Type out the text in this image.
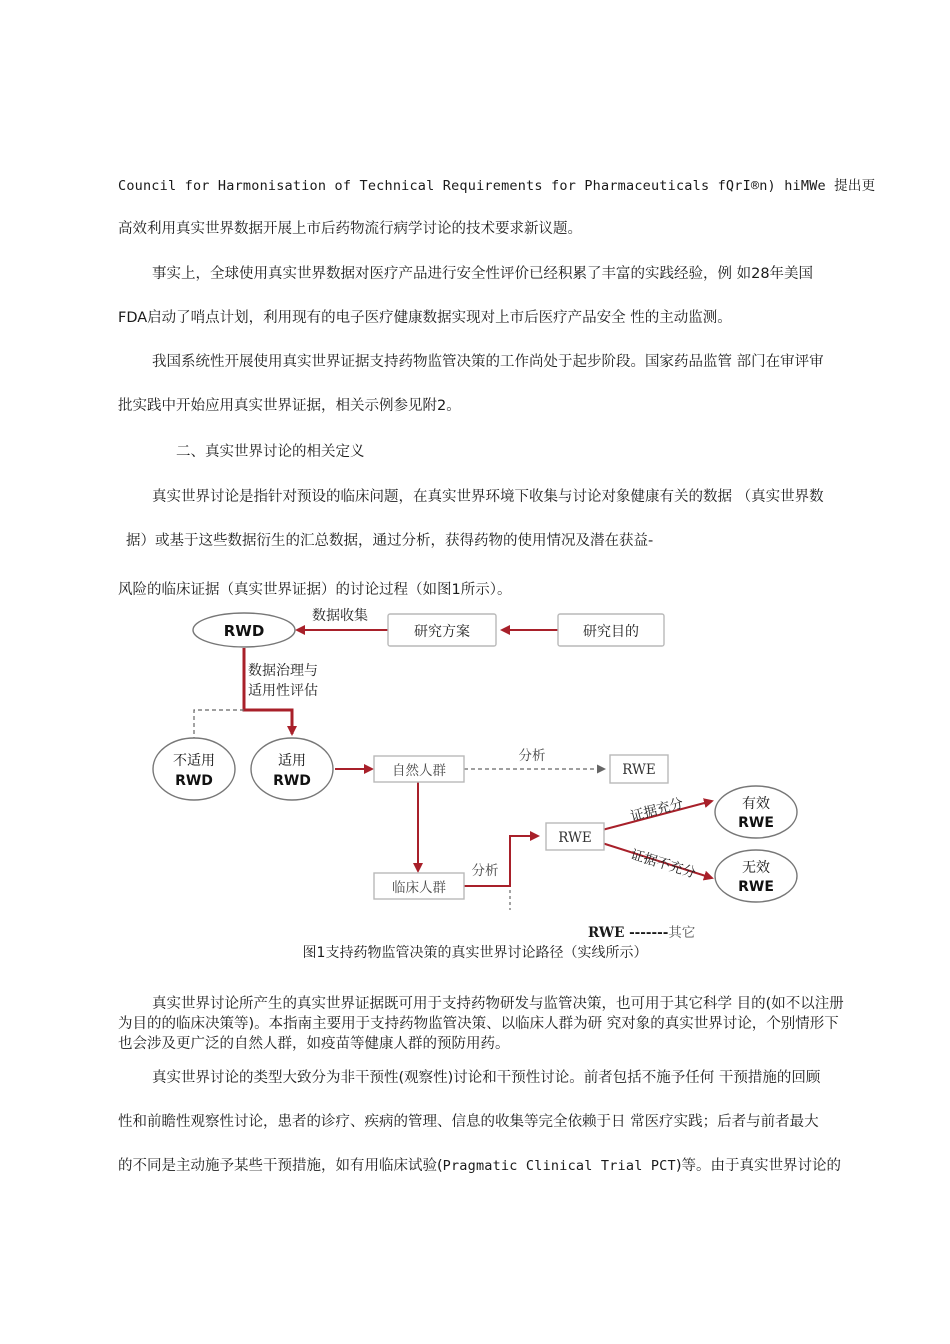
Council for Harmonisation of Technical Requirements for Pharmaceuticals fQrI®n) hiMWe 提出更
高效利用真实世界数据开展上市后药物流行病学讨论的技术要求新议题。
事实上，全球使用真实世界数据对医疗产品进行安全性评价已经积累了丰富的实践经验，例 如28年美国
FDA启动了哨点计划，利用现有的电子医疗健康数据实现对上市后医疗产品安全 性的主动监测。
我国系统性开展使用真实世界证据支持药物监管决策的工作尚处于起步阶段。国家药品监管 部门在审评审
批实践中开始应用真实世界证据，相关示例参见附2。
二、真实世界讨论的相关定义
真实世界讨论是指针对预设的临床问题，在真实世界环境下收集与讨论对象健康有关的数据 （真实世界数
据）或基于这些数据衍生的汇总数据，通过分析，获得药物的使用情况及潜在获益-
风险的临床证据（真实世界证据）的讨论过程（如图1所示）。
RWD	研究方案	研究目的
不适用
RWD
适用
RWD
自然人群	RWE
临床人群
RWE
有效
RWE
无效
RWE
数据收集
数据治理与
适用性评估
分析
分析
证据充分
证据不充分
RWE -------其它
图1支持药物监管决策的真实世界讨论路径（实线所示）

真实世界讨论所产生的真实世界证据既可用于支持药物研发与监管决策，也可用于其它科学 目的(如不以注册为目的的临床决策等)。本指南主要用于支持药物监管决策、以临床人群为研 究对象的真实世界讨论，个别情形下也会涉及更广泛的自然人群，如疫苗等健康人群的预防用药。

真实世界讨论的类型大致分为非干预性(观察性)讨论和干预性讨论。前者包括不施予任何 干预措施的回顾
性和前瞻性观察性讨论，患者的诊疗、疾病的管理、信息的收集等完全依赖于日 常医疗实践；后者与前者最大
的不同是主动施予某些干预措施，如有用临床试验(Pragmatic Clinical Trial PCT)等。由于真实世界讨论的
